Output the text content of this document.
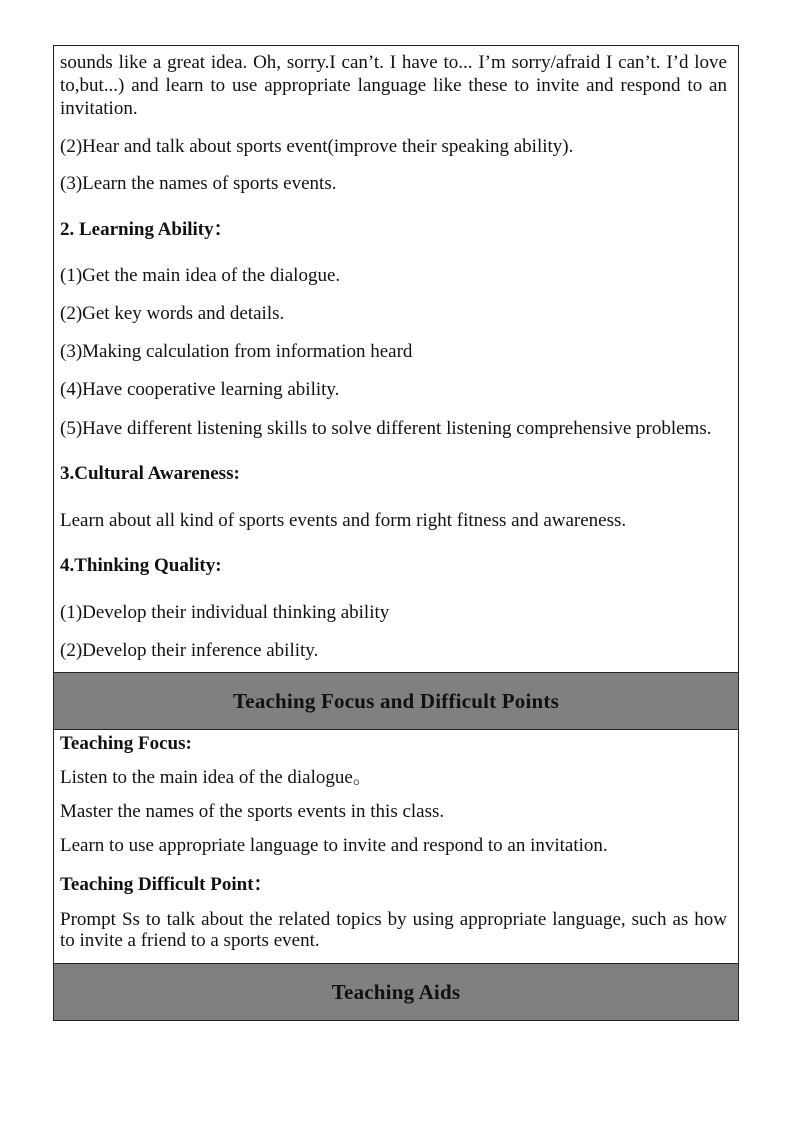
sounds like a great idea. Oh, sorry.I can’t. I have to... I’m sorry/afraid I can’t. I’d love to,but...) and learn to use appropriate language like these to invite and respond to an invitation.

(2)Hear and talk about sports event(improve their speaking ability).

(3)Learn the names of sports events.

2. Learning Ability：

(1)Get the main idea of the dialogue.

(2)Get key words and details.

(3)Making calculation from information heard

(4)Have cooperative learning ability.

(5)Have different listening skills to solve different listening comprehensive problems.

3.Cultural Awareness:

Learn about all kind of sports events and form right fitness and awareness.

4.Thinking Quality:

(1)Develop their individual thinking ability

(2)Develop their inference ability.

Teaching Focus and Difficult Points

Teaching Focus:

Listen to the main idea of the dialogue。

Master the names of the sports events in this class.

Learn to use appropriate language to invite and respond to an invitation.

Teaching Difficult Point：

Prompt Ss to talk about the related topics by using appropriate language, such as how to invite a friend to a sports event.

Teaching Aids
